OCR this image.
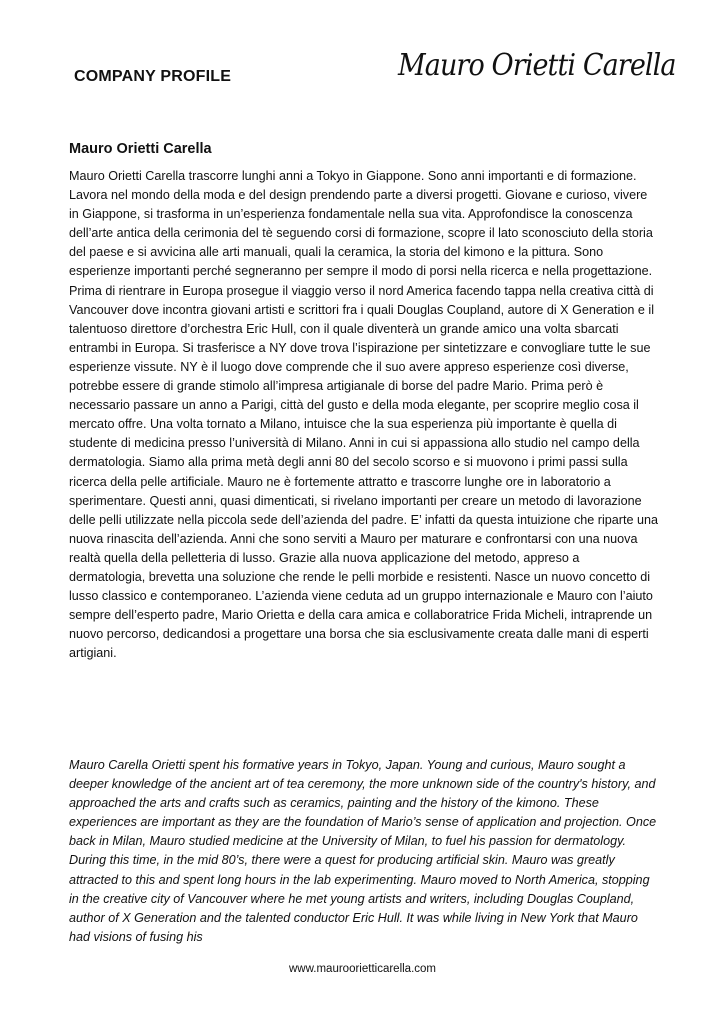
COMPANY PROFILE	Mauro Orietti Carella
Mauro Orietti Carella

Mauro Orietti Carella trascorre lunghi anni a Tokyo in Giappone. Sono anni importanti e di formazione. Lavora nel mondo della moda e del design prendendo parte a diversi progetti. Giovane e curioso, vivere in Giappone, si trasforma in un’esperienza fondamentale nella sua vita. Approfondisce la conoscenza dell’arte antica della cerimonia del tè seguendo corsi di formazione, scopre il lato sconosciuto della storia del paese e si avvicina alle arti manuali, quali la ceramica, la storia del kimono e la pittura. Sono esperienze importanti perché segneranno per sempre il modo di porsi nella ricerca e nella progettazione. Prima di rientrare in Europa prosegue il viaggio verso il nord America facendo tappa nella creativa città di Vancouver dove incontra giovani artisti e scrittori fra i quali Douglas Coupland, autore di X Generation e il talentuoso direttore d’orchestra Eric Hull, con il quale diventerà un grande amico una volta sbarcati entrambi in Europa. Si trasferisce a NY dove trova l’ispirazione per sintetizzare e convogliare tutte le sue esperienze vissute. NY è il luogo dove comprende che il suo avere appreso esperienze così diverse, potrebbe essere di grande stimolo all’impresa artigianale di borse del padre Mario. Prima però è necessario passare un anno a Parigi, città del gusto e della moda elegante, per scoprire meglio cosa il mercato offre. Una volta tornato a Milano, intuisce che la sua esperienza più importante è quella di studente di medicina presso l’università di Milano. Anni in cui si appassiona allo studio nel campo della dermatologia. Siamo alla prima metà degli anni 80 del secolo scorso e si muovono i primi passi sulla ricerca della pelle artificiale. Mauro ne è fortemente attratto e trascorre lunghe ore in laboratorio a sperimentare. Questi anni, quasi dimenticati, si rivelano importanti per creare un metodo di lavorazione delle pelli utilizzate nella piccola sede dell’azienda del padre. E’ infatti da questa intuizione che riparte una nuova rinascita dell’azienda. Anni che sono serviti a Mauro per maturare e confrontarsi con una nuova realtà quella della pelletteria di lusso. Grazie alla nuova applicazione del metodo, appreso a dermatologia, brevetta una soluzione che rende le pelli morbide e resistenti. Nasce un nuovo concetto di lusso classico e contemporaneo. L’azienda viene ceduta ad un gruppo internazionale e Mauro con l’aiuto sempre dell’esperto padre, Mario Orietta e della cara amica e collaboratrice Frida Micheli, intraprende un nuovo percorso, dedicandosi a progettare una borsa che sia esclusivamente creata dalle mani di esperti artigiani.

Mauro Carella Orietti spent his formative years in Tokyo, Japan. Young and curious, Mauro sought a deeper knowledge of the ancient art of tea ceremony, the more unknown side of the country's history, and approached the arts and crafts such as ceramics, painting and the history of the kimono. These experiences are important as they are the foundation of Mario’s sense of application and projection. Once back in Milan, Mauro studied medicine at the University of Milan, to fuel his passion for dermatology. During this time, in the mid 80’s, there were a quest for producing artificial skin. Mauro was greatly attracted to this and spent long hours in the lab experimenting. Mauro moved to North America, stopping in the creative city of Vancouver where he met young artists and writers, including Douglas Coupland, author of X Generation and the talented conductor Eric Hull. It was while living in New York that Mauro had visions of fusing his

www.mauroorietticarella.com
